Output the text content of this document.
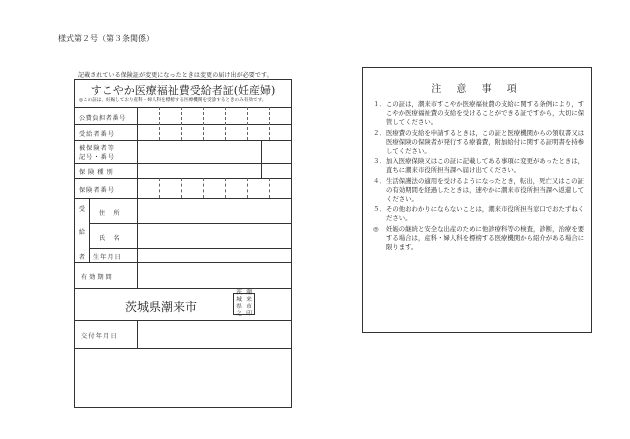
様式第２号（第３条関係）
記載されている保険証が変更になったときは変更の届け出が必要です。
すこやか医療福祉費受給者証(妊産婦)
◎この証は，妊娠しており産科・婦人科を標榜する医療機関を受診するときのみ有効です。
公費負担者番号
受給者番号
被保険者等
記号・番号
保険種別
保険者番号
受
給
者
住　所
氏　名
生年月日
有効期間
茨城県潮来市
茨城県
潮来市
之 印
交付年月日
注 意 事 項
１． この証は，潮来市すこやか医療福祉費の支給に関する条例により，すこやか医療福祉費の支給を受けることができる証ですから，大切に保管してください。
２． 医療費の支給を申請するときは，この証と医療機関からの領収書又は医療保険の保険者が発行する療養費，附加給付に関する証明書を持参してください。
３． 加入医療保険又はこの証に記載してある事項に変更があったときは，直ちに潮来市役所担当課へ届け出てください。
４． 生活保護法の適用を受けるようになったとき，転出，死亡又はこの証の有効期間を経過したときは，速やかに潮来市役所担当課へ返還してください。
５． その他おわかりにならないことは，潮来市役所担当窓口でおたずねください。
◎	妊娠の継続と安全な出産のために他診療科等の検査，診断，治療を要する場合は，産科・婦人科を標榜する医療機関から紹介がある場合に限ります。
